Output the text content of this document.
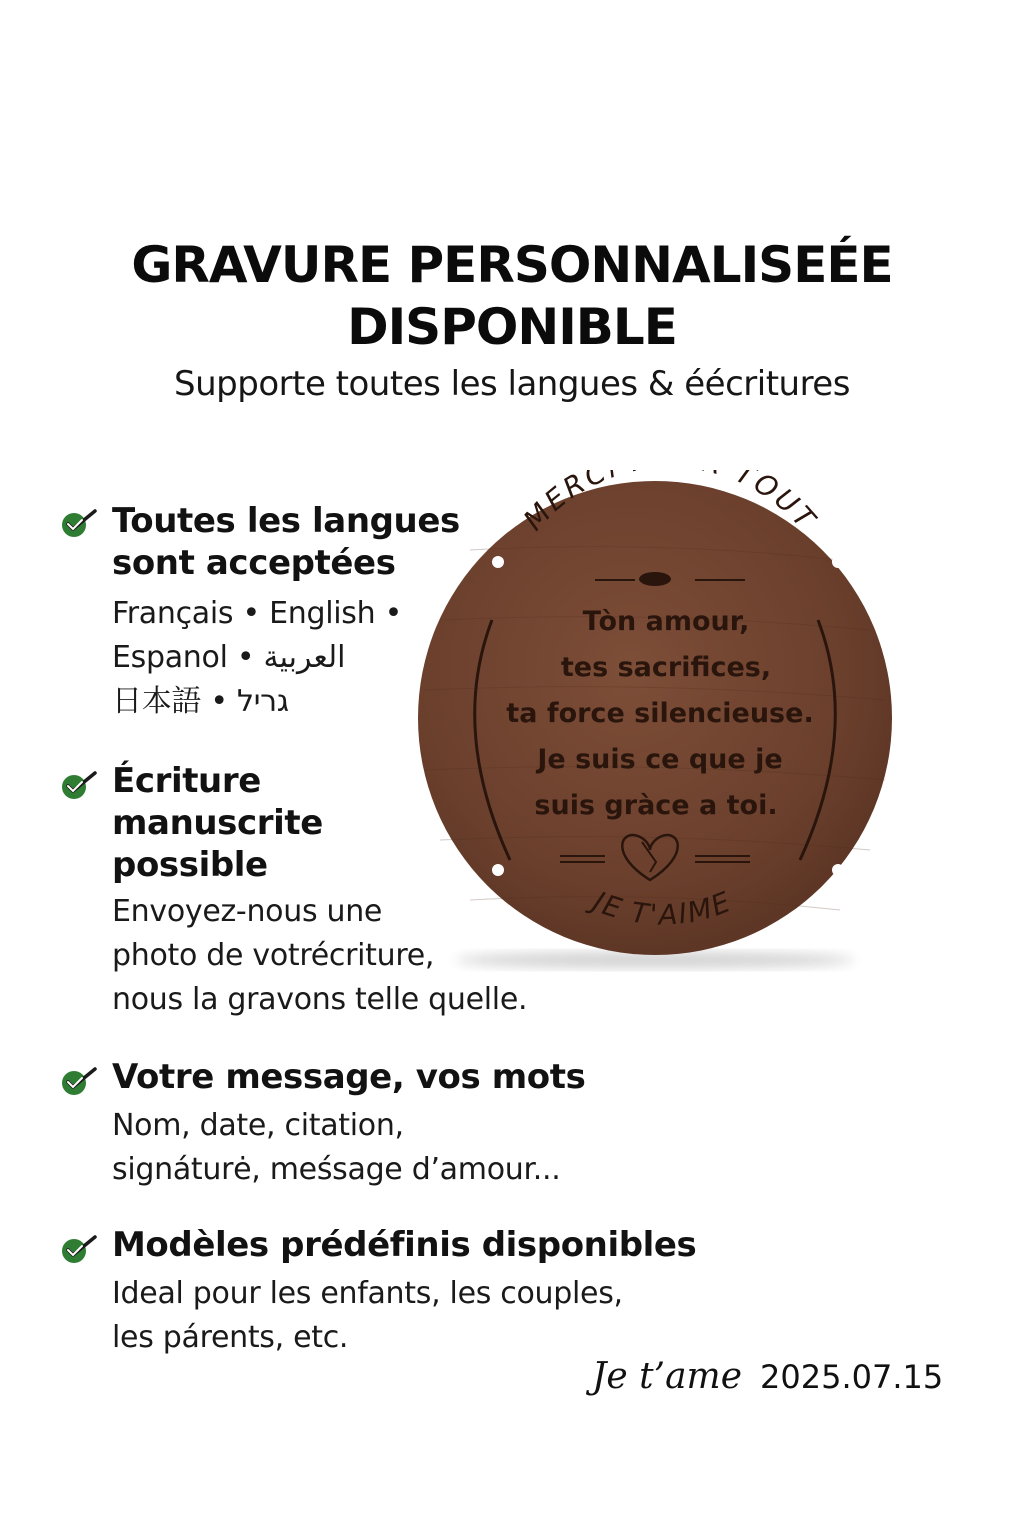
GRAVURE PERSONNALISEÉE
DISPONIBLE
Supporte toutes les langues & éécritures
Toutes les langues
sont acceptées
Français • English •
Espanol • العربية
日本語 • גריל
Écriture
manuscrite
possible
Envoyez-nous une
photo de votrécriture,
nous la gravons telle quelle.
Votre message, vos mots
Nom, date, citation,
signáturė, meśsage d’amour...
Modèles prédéfinis disponibles
Ideal pour les enfants, les couples,
les párents, etc.
MERC TOUT
Tòn amour,
tes sacrifices,
ta force silencieuse.
Je suis ce que je
suis gràce a toi.
JE T'AIME
Je t’ame 2025.07.15
